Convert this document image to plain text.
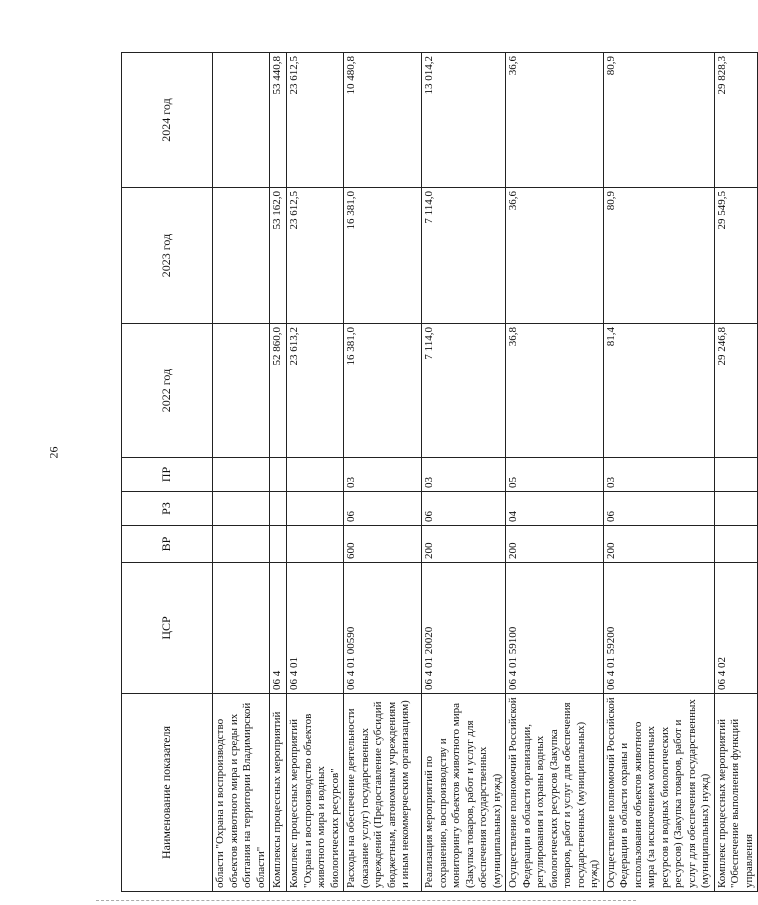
26
Наименование показателя	ЦСР	ВР	РЗ	ПР	2022 год	2023 год	2024 год
области "Охрана и воспроизводство объектов животного мира и среды их обитания на территории Владимирской области"							
Комплексы процессных мероприятий	06 4				52 860,0	53 162,0	53 440,8
Комплекс процессных мероприятий "Охрана и воспроизводство объектов животного мира и водных биологических ресурсов"	06 4 01				23 613,2	23 612,5	23 612,5
Расходы на обеспечение деятельности (оказание услуг) государственных учреждений (Предоставление субсидий бюджетным, автономным учреждениям и иным некоммерческим организациям)	06 4 01 00590	600	06	03	16 381,0	16 381,0	10 480,8
Реализация мероприятий по сохранению, воспроизводству и мониторингу объектов животного мира (Закупка товаров, работ и услуг для обеспечения государственных (муниципальных) нужд)	06 4 01 20020	200	06	03	7 114,0	7 114,0	13 014,2
Осуществление полномочий Российской Федерации в области организации, регулирования и охраны водных биологических ресурсов (Закупка товаров, работ и услуг для обеспечения государственных (муниципальных) нужд)	06 4 01 59100	200	04	05	36,8	36,6	36,6
Осуществление полномочий Российской Федерации в области охраны и использования объектов животного мира (за исключением охотничьих ресурсов и водных биологических ресурсов) (Закупка товаров, работ и услуг для обеспечения государственных (муниципальных) нужд)	06 4 01 59200	200	06	03	81,4	80,9	80,9
Комплекс процессных мероприятий "Обеспечение выполнения функций управления	06 4 02				29 246,8	29 549,5	29 828,3
